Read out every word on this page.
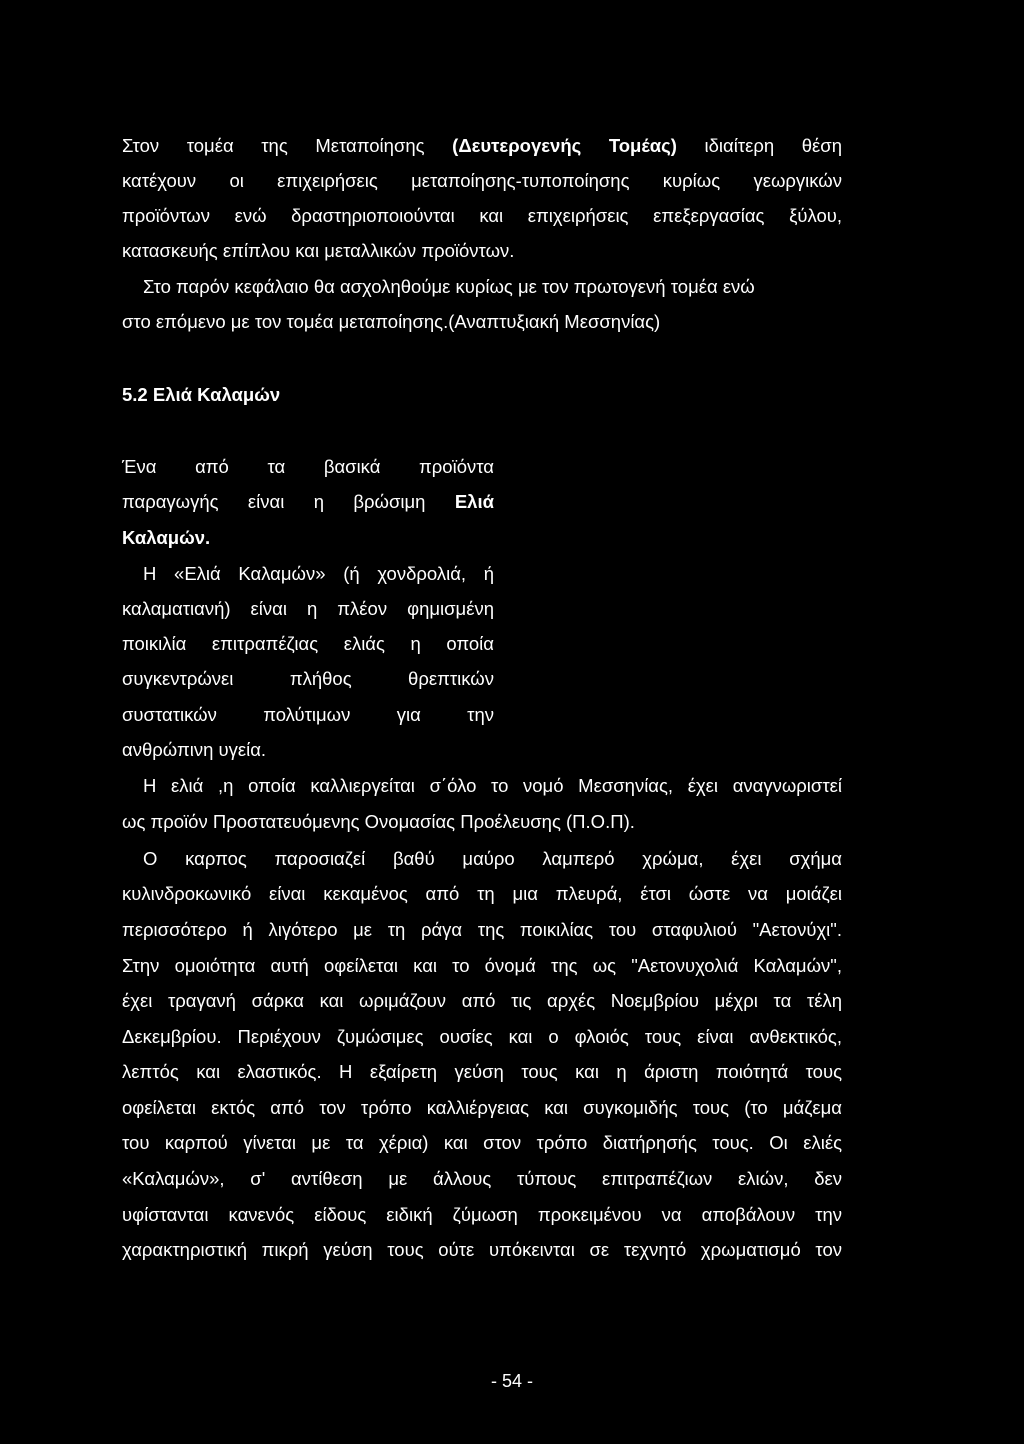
Στον τομέα της Μεταποίησης (Δευτερογενής Τομέας) ιδιαίτερη θέση

κατέχουν οι επιχειρήσεις μεταποίησης-τυποποίησης κυρίως γεωργικών

προϊόντων ενώ δραστηριοποιούνται και επιχειρήσεις επεξεργασίας ξύλου,

κατασκευής επίπλου και μεταλλικών προϊόντων.

Στο παρόν κεφάλαιο θα ασχοληθούμε κυρίως με τον πρωτογενή τομέα ενώ

στο επόμενο με τον τομέα μεταποίησης.(Αναπτυξιακή Μεσσηνίας)

5.2 Ελιά Καλαμών

Ένα από τα βασικά προϊόντα

παραγωγής είναι η βρώσιμη Ελιά

Καλαμών.

Η «Ελιά Καλαμών» (ή χονδρολιά, ή

καλαματιανή) είναι η πλέον φημισμένη

ποικιλία επιτραπέζιας ελιάς η οποία

συγκεντρώνει πλήθος θρεπτικών

συστατικών πολύτιμων για την

ανθρώπινη υγεία.

Η ελιά ,η οποία καλλιεργείται σ΄όλο το νομό Μεσσηνίας, έχει αναγνωριστεί

ως προϊόν Προστατευόμενης Ονομασίας Προέλευσης (Π.Ο.Π).

Ο καρπος παροσιαζεί βαθύ μαύρο λαμπερό χρώμα, έχει σχήμα

κυλινδροκωνικό είναι κεκαμένος από τη μια πλευρά, έτσι ώστε να μοιάζει

περισσότερο ή λιγότερο με τη ράγα της ποικιλίας του σταφυλιού "Αετονύχι".

Στην ομοιότητα αυτή οφείλεται και το όνομά της ως "Αετονυχολιά Καλαμών",

έχει τραγανή σάρκα και ωριμάζουν από τις αρχές Νοεμβρίου μέχρι τα τέλη

Δεκεμβρίου. Περιέχουν ζυμώσιμες ουσίες και ο φλοιός τους είναι ανθεκτικός,

λεπτός και ελαστικός. Η εξαίρετη γεύση τους και η άριστη ποιότητά τους

οφείλεται εκτός από τον τρόπο καλλιέργειας και συγκομιδής τους (το μάζεμα

του καρπού γίνεται με τα χέρια) και στον τρόπο διατήρησής τους. Οι ελιές

«Καλαμών», σ' αντίθεση με άλλους τύπους επιτραπέζιων ελιών, δεν

υφίστανται κανενός είδους ειδική ζύμωση προκειμένου να αποβάλουν την

χαρακτηριστική πικρή γεύση τους ούτε υπόκεινται σε τεχνητό χρωματισμό τον

- 54 -
